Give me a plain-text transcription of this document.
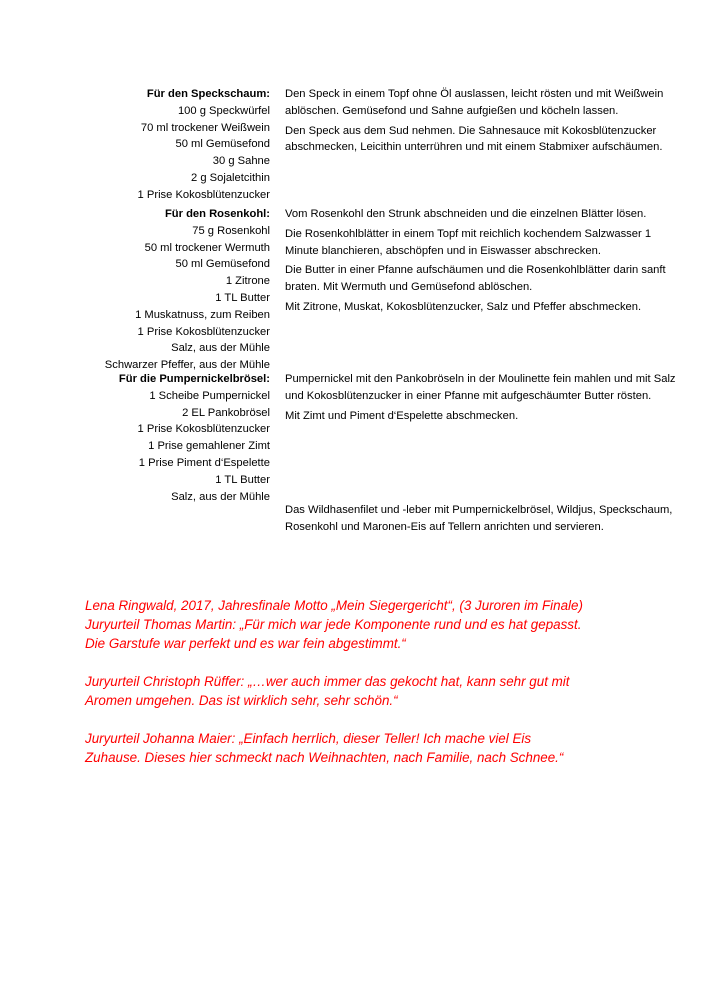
Für den Speckschaum:
100 g Speckwürfel
70 ml trockener Weißwein
50 ml Gemüsefond
30 g Sahne
2 g Sojaletcithin
1 Prise Kokosblütenzucker

Den Speck in einem Topf ohne Öl auslassen, leicht rösten und mit Weißwein ablöschen. Gemüsefond und Sahne aufgießen und köcheln lassen.

Den Speck aus dem Sud nehmen. Die Sahnesauce mit Kokosblütenzucker abschmecken, Leicithin unterrühren und mit einem Stabmixer aufschäumen.

Für den Rosenkohl:
75 g Rosenkohl
50 ml trockener Wermuth
50 ml Gemüsefond
1 Zitrone
1 TL Butter
1 Muskatnuss, zum Reiben
1 Prise Kokosblütenzucker
Salz, aus der Mühle
Schwarzer Pfeffer, aus der Mühle

Vom Rosenkohl den Strunk abschneiden und die einzelnen Blätter lösen.

Die Rosenkohlblätter in einem Topf mit reichlich kochendem Salzwasser 1 Minute blanchieren, abschöpfen und in Eiswasser abschrecken.

Die Butter in einer Pfanne aufschäumen und die Rosenkohlblätter darin sanft braten. Mit Wermuth und Gemüsefond ablöschen.

Mit Zitrone, Muskat, Kokosblütenzucker, Salz und Pfeffer abschmecken.

Für die Pumpernickelbrösel:
1 Scheibe Pumpernickel
2 EL Pankobrösel
1 Prise Kokosblütenzucker
1 Prise gemahlener Zimt
1 Prise Piment d‘Espelette
1 TL Butter
Salz, aus der Mühle

Pumpernickel mit den Pankobröseln in der Moulinette fein mahlen und mit Salz und Kokosblütenzucker in einer Pfanne mit aufgeschäumter Butter rösten.

Mit Zimt und Piment d‘Espelette abschmecken.

Das Wildhasenfilet und -leber mit Pumpernickelbrösel, Wildjus, Speckschaum, Rosenkohl und Maronen-Eis auf Tellern anrichten und servieren.

Lena Ringwald, 2017, Jahresfinale Motto „Mein Siegergericht“, (3 Juroren im Finale)
Juryurteil Thomas Martin: „Für mich war jede Komponente rund und es hat gepasst.
Die Garstufe war perfekt und es war fein abgestimmt.“
Juryurteil Christoph Rüffer: „…wer auch immer das gekocht hat, kann sehr gut mit
Aromen umgehen. Das ist wirklich sehr, sehr schön.“
Juryurteil Johanna Maier: „Einfach herrlich, dieser Teller! Ich mache viel Eis
Zuhause. Dieses hier schmeckt nach Weihnachten, nach Familie, nach Schnee.“
